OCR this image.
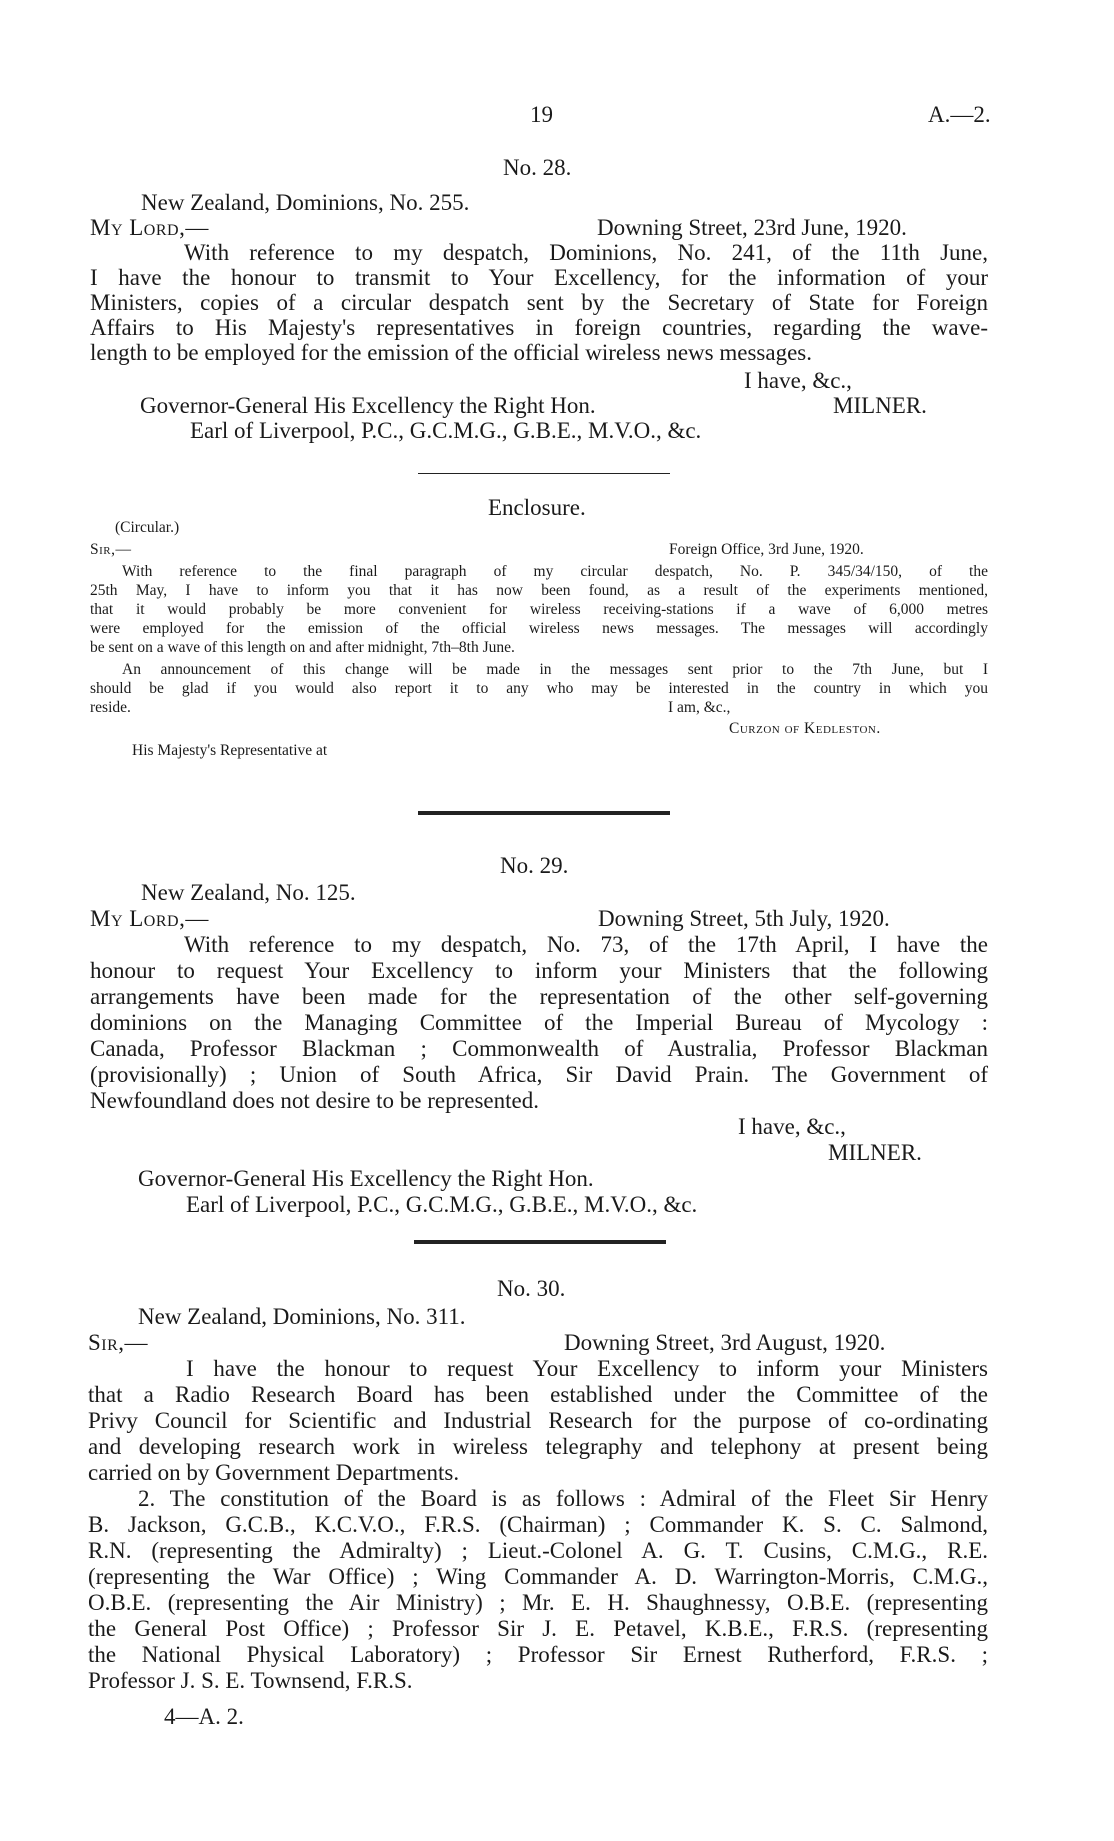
19	A.—2.
No. 28.
New Zealand, Dominions, No. 255.
My Lord,—	Downing Street, 23rd June, 1920.
With reference to my despatch, Dominions, No. 241, of the 11th June,
I have the honour to transmit to Your Excellency, for the information of your
Ministers, copies of a circular despatch sent by the Secretary of State for Foreign
Affairs to His Majesty's representatives in foreign countries, regarding the wave-
length to be employed for the emission of the official wireless news messages.
I have, &c.,
Governor-General His Excellency the Right Hon.	MILNER.
Earl of Liverpool, P.C., G.C.M.G., G.B.E., M.V.O., &c.
Enclosure.
(Circular.)
Sir,—	Foreign Office, 3rd June, 1920.
With reference to the final paragraph of my circular despatch, No. P. 345/34/150, of the
25th May, I have to inform you that it has now been found, as a result of the experiments mentioned,
that it would probably be more convenient for wireless receiving-stations if a wave of 6,000 metres
were employed for the emission of the official wireless news messages. The messages will accordingly
be sent on a wave of this length on and after midnight, 7th–8th June.
An announcement of this change will be made in the messages sent prior to the 7th June, but I
should be glad if you would also report it to any who may be interested in the country in which you
reside.	I am, &c.,
Curzon of Kedleston.
His Majesty's Representative at
No. 29.
New Zealand, No. 125.
My Lord,—	Downing Street, 5th July, 1920.
With reference to my despatch, No. 73, of the 17th April, I have the
honour to request Your Excellency to inform your Ministers that the following
arrangements have been made for the representation of the other self-governing
dominions on the Managing Committee of the Imperial Bureau of Mycology :
Canada, Professor Blackman ; Commonwealth of Australia, Professor Blackman
(provisionally) ; Union of South Africa, Sir David Prain. The Government of
Newfoundland does not desire to be represented.
I have, &c.,
MILNER.
Governor-General His Excellency the Right Hon.
Earl of Liverpool, P.C., G.C.M.G., G.B.E., M.V.O., &c.
No. 30.
New Zealand, Dominions, No. 311.
Sir,—	Downing Street, 3rd August, 1920.
I have the honour to request Your Excellency to inform your Ministers
that a Radio Research Board has been established under the Committee of the
Privy Council for Scientific and Industrial Research for the purpose of co-ordinating
and developing research work in wireless telegraphy and telephony at present being
carried on by Government Departments.
2. The constitution of the Board is as follows : Admiral of the Fleet Sir Henry
B. Jackson, G.C.B., K.C.V.O., F.R.S. (Chairman) ; Commander K. S. C. Salmond,
R.N. (representing the Admiralty) ; Lieut.-Colonel A. G. T. Cusins, C.M.G., R.E.
(representing the War Office) ; Wing Commander A. D. Warrington-Morris, C.M.G.,
O.B.E. (representing the Air Ministry) ; Mr. E. H. Shaughnessy, O.B.E. (representing
the General Post Office) ; Professor Sir J. E. Petavel, K.B.E., F.R.S. (representing
the National Physical Laboratory) ; Professor Sir Ernest Rutherford, F.R.S. ;
Professor J. S. E. Townsend, F.R.S.
4—A. 2.
